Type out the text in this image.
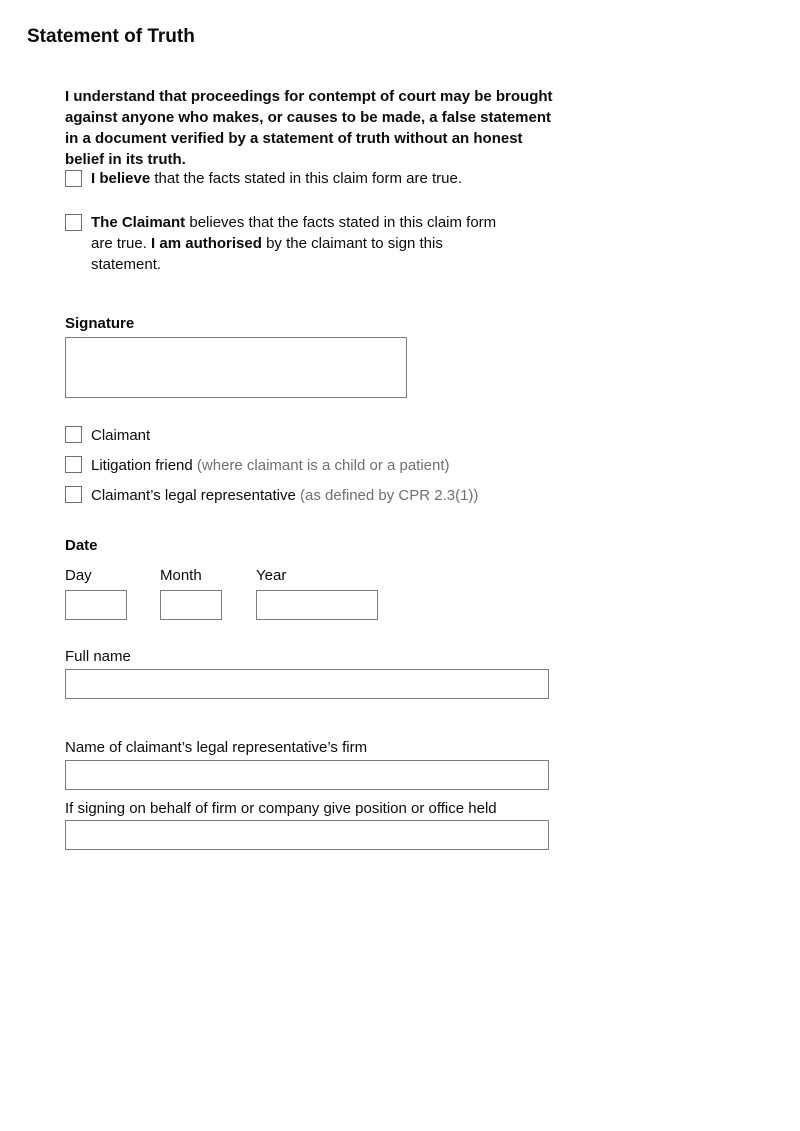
Statement of Truth

I understand that proceedings for contempt of court may be brought against anyone who makes, or causes to be made, a false statement in a document verified by a statement of truth without an honest belief in its truth.

I believe that the facts stated in this claim form are true.
The Claimant believes that the facts stated in this claim form are true. I am authorised by the claimant to sign this statement.
Signature
Claimant
Litigation friend (where claimant is a child or a patient)
Claimant’s legal representative (as defined by CPR 2.3(1))
Date
Day	Month	Year
Full name
Name of claimant’s legal representative’s firm
If signing on behalf of firm or company give position or office held
